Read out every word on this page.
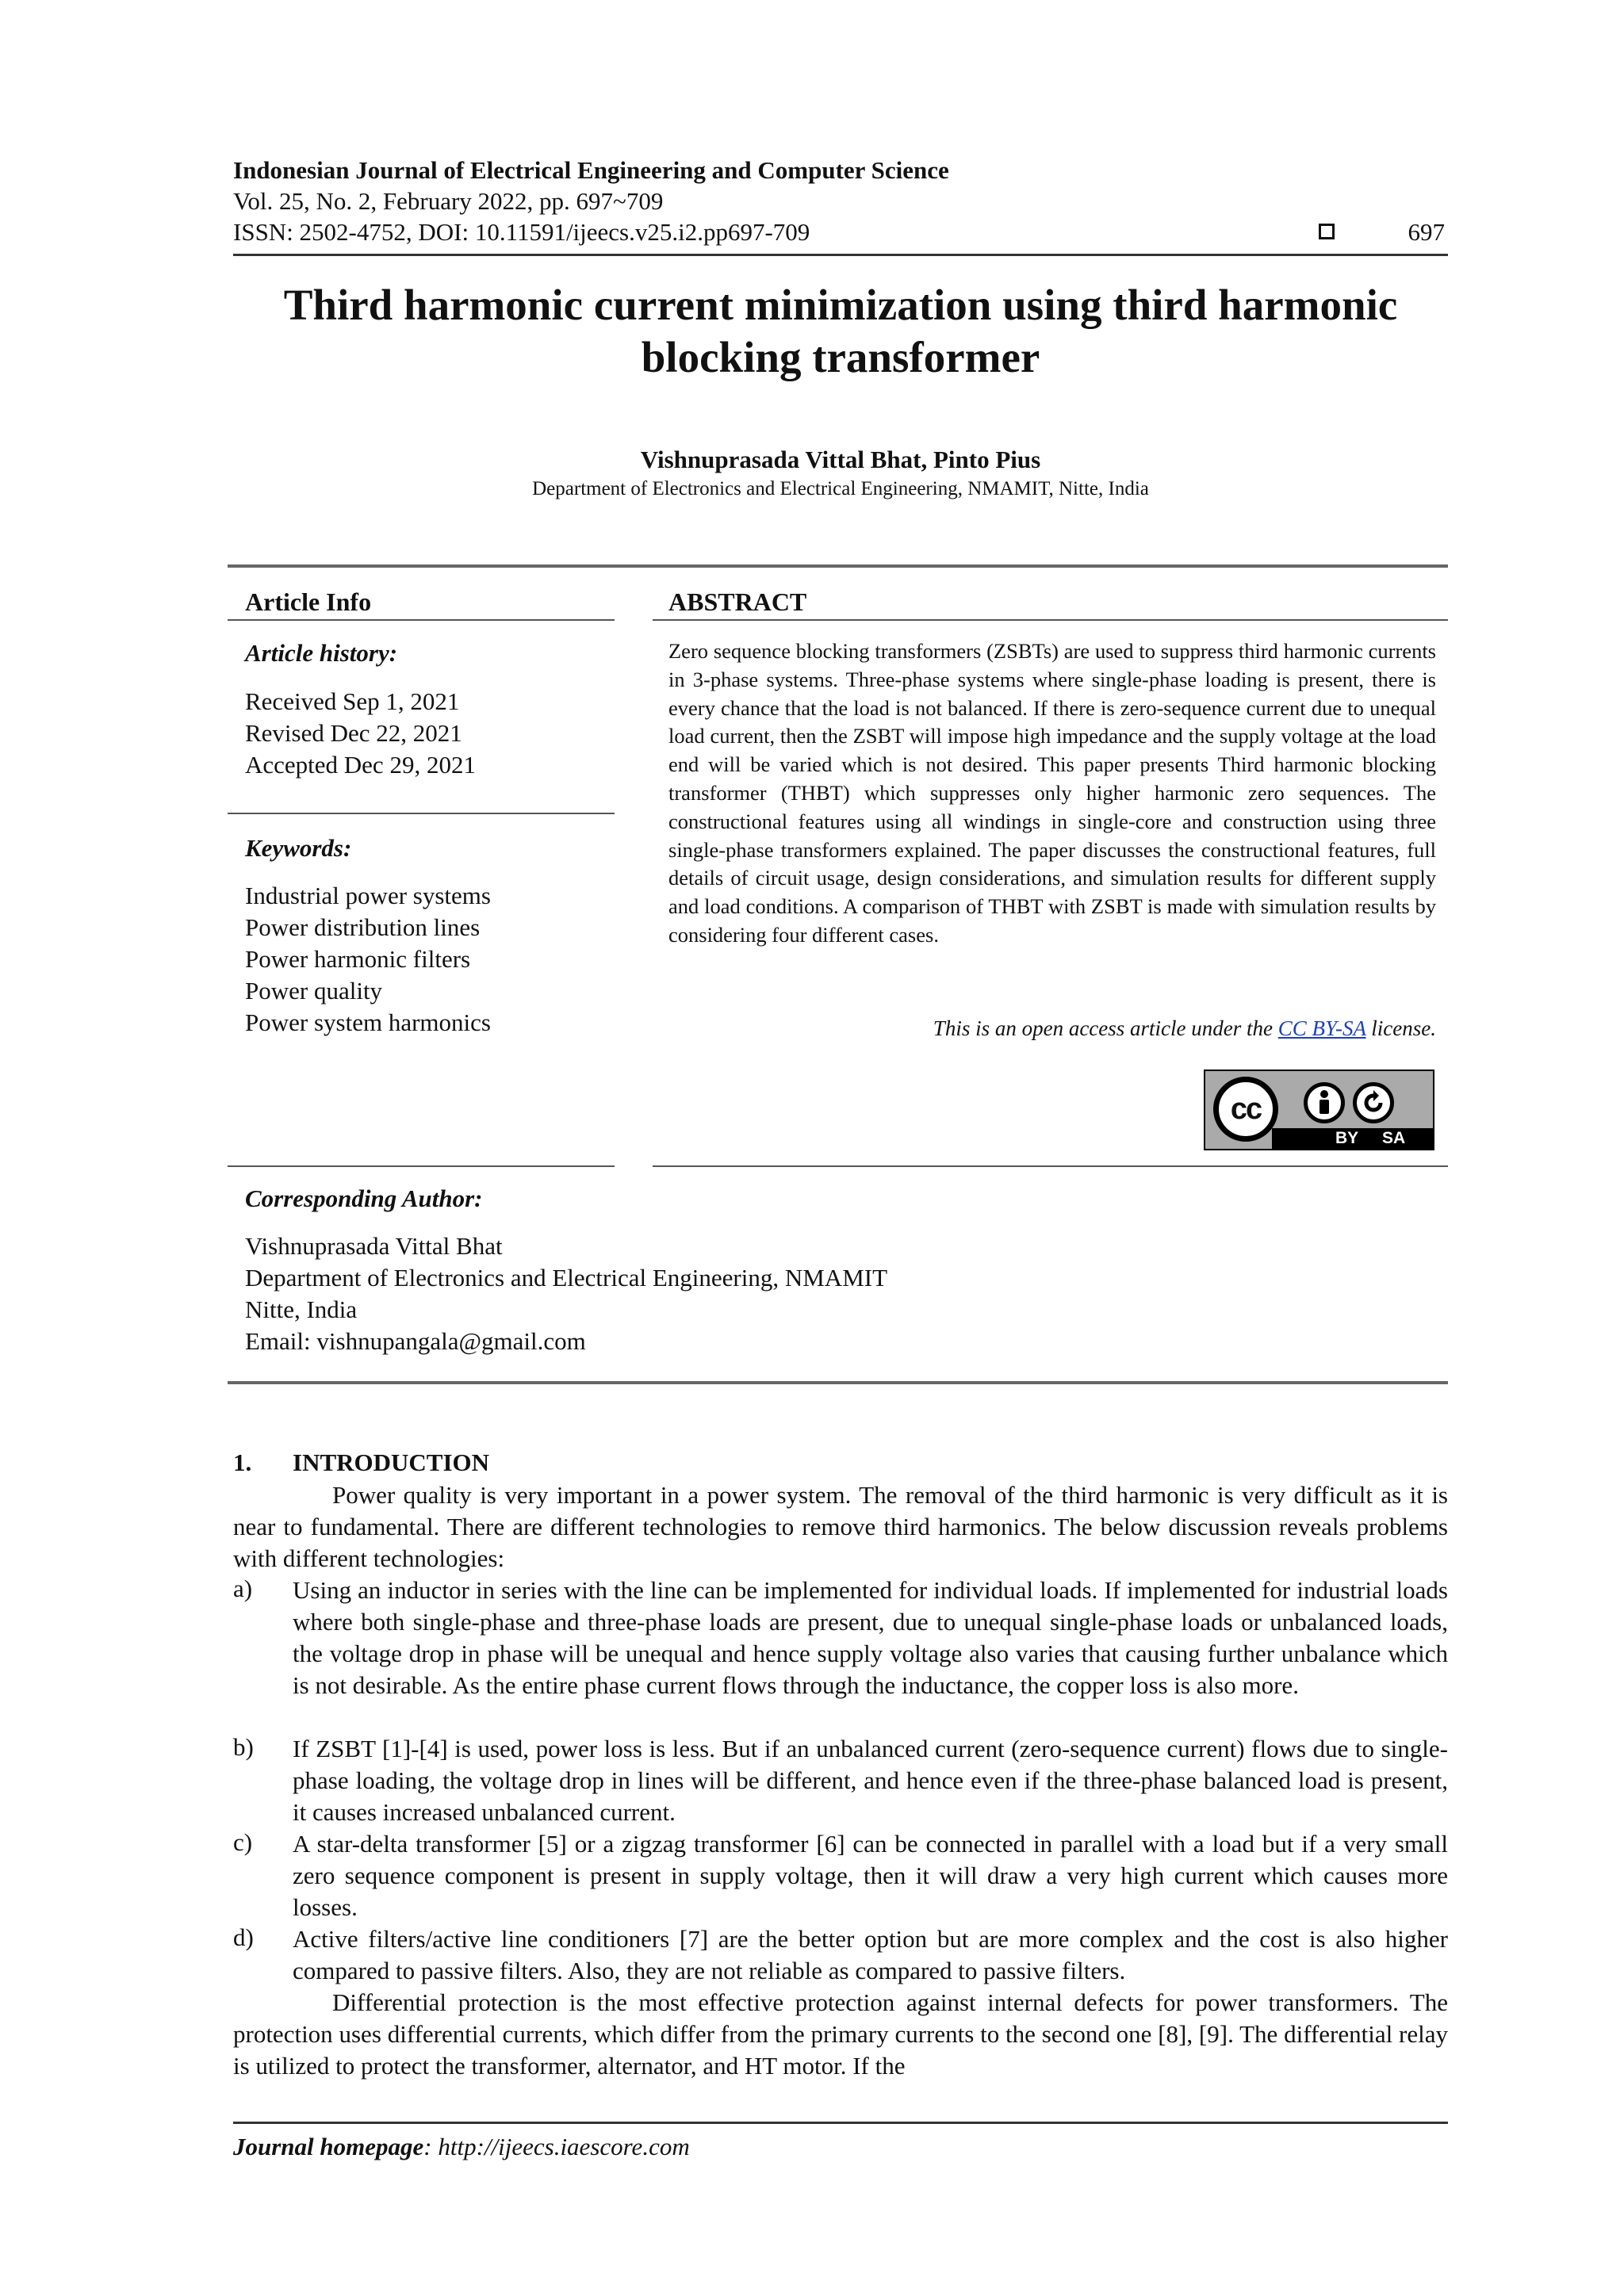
Indonesian Journal of Electrical Engineering and Computer Science
Vol. 25, No. 2, February 2022, pp. 697~709
ISSN: 2502-4752, DOI: 10.11591/ijeecs.v25.i2.pp697-709	697
Third harmonic current minimization using third harmonic
blocking transformer
Vishnuprasada Vittal Bhat, Pinto Pius
Department of Electronics and Electrical Engineering, NMAMIT, Nitte, India
Article Info
Article history:
Received Sep 1, 2021
Revised Dec 22, 2021
Accepted Dec 29, 2021
Keywords:
Industrial power systems
Power distribution lines
Power harmonic filters
Power quality
Power system harmonics
ABSTRACT
Zero sequence blocking transformers (ZSBTs) are used to suppress third harmonic currents in 3-phase systems. Three-phase systems where single-phase loading is present, there is every chance that the load is not balanced. If there is zero-sequence current due to unequal load current, then the ZSBT will impose high impedance and the supply voltage at the load end will be varied which is not desired. This paper presents Third harmonic blocking transformer (THBT) which suppresses only higher harmonic zero sequences. The constructional features using all windings in single-core and construction using three single-phase transformers explained. The paper discusses the constructional features, full details of circuit usage, design considerations, and simulation results for different supply and load conditions. A comparison of THBT with ZSBT is made with simulation results by considering four different cases.
This is an open access article under the CC BY-SA license.
BY SA
cc
Corresponding Author:
Vishnuprasada Vittal Bhat
Department of Electronics and Electrical Engineering, NMAMIT
Nitte, India
Email: vishnupangala@gmail.com
1. INTRODUCTION
Power quality is very important in a power system. The removal of the third harmonic is very difficult as it is near to fundamental. There are different technologies to remove third harmonics. The below discussion reveals problems with different technologies:
a) Using an inductor in series with the line can be implemented for individual loads. If implemented for industrial loads where both single-phase and three-phase loads are present, due to unequal single-phase loads or unbalanced loads, the voltage drop in phase will be unequal and hence supply voltage also varies that causing further unbalance which is not desirable. As the entire phase current flows through the inductance, the copper loss is also more.
b) If ZSBT [1]-[4] is used, power loss is less. But if an unbalanced current (zero-sequence current) flows due to single-phase loading, the voltage drop in lines will be different, and hence even if the three-phase balanced load is present, it causes increased unbalanced current.
c) A star-delta transformer [5] or a zigzag transformer [6] can be connected in parallel with a load but if a very small zero sequence component is present in supply voltage, then it will draw a very high current which causes more losses.
d) Active filters/active line conditioners [7] are the better option but are more complex and the cost is also higher compared to passive filters. Also, they are not reliable as compared to passive filters.
Differential protection is the most effective protection against internal defects for power transformers. The protection uses differential currents, which differ from the primary currents to the second one [8], [9]. The differential relay is utilized to protect the transformer, alternator, and HT motor. If the
Journal homepage: http://ijeecs.iaescore.com
